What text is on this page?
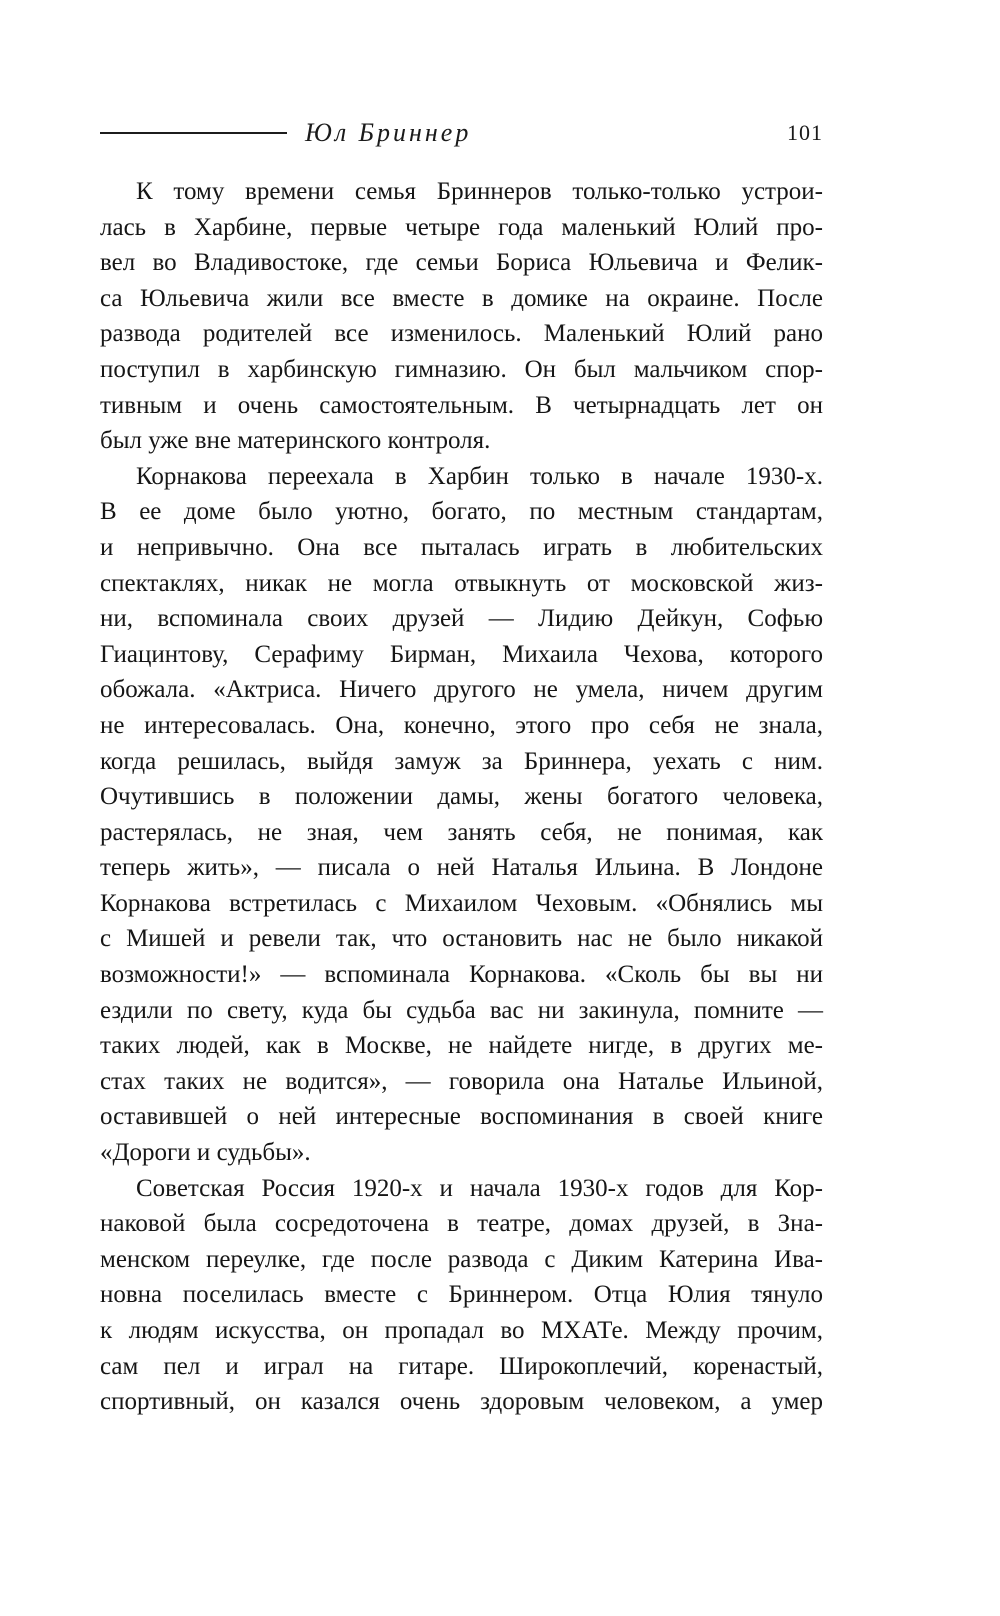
Юл Бриннер	101
К тому времени семья Бриннеров только-только устрои-
лась в Харбине, первые четыре года маленький Юлий про-
вел во Владивостоке, где семьи Бориса Юльевича и Фелик-
са Юльевича жили все вместе в домике на окраине. После
развода родителей все изменилось. Маленький Юлий рано
поступил в харбинскую гимназию. Он был мальчиком спор-
тивным и очень самостоятельным. В четырнадцать лет он
был уже вне материнского контроля.
Корнакова переехала в Харбин только в начале 1930-х.
В ее доме было уютно, богато, по местным стандартам,
и непривычно. Она все пыталась играть в любительских
спектаклях, никак не могла отвыкнуть от московской жиз-
ни, вспоминала своих друзей — Лидию Дейкун, Софью
Гиацинтову, Серафиму Бирман, Михаила Чехова, которого
обожала. «Актриса. Ничего другого не умела, ничем другим
не интересовалась. Она, конечно, этого про себя не знала,
когда решилась, выйдя замуж за Бриннера, уехать с ним.
Очутившись в положении дамы, жены богатого человека,
растерялась, не зная, чем занять себя, не понимая, как
теперь жить», — писала о ней Наталья Ильина. В Лондоне
Корнакова встретилась с Михаилом Чеховым. «Обнялись мы
с Мишей и ревели так, что остановить нас не было никакой
возможности!» — вспоминала Корнакова. «Сколь бы вы ни
ездили по свету, куда бы судьба вас ни закинула, помните —
таких людей, как в Москве, не найдете нигде, в других ме-
стах таких не водится», — говорила она Наталье Ильиной,
оставившей о ней интересные воспоминания в своей книге
«Дороги и судьбы».
Советская Россия 1920-х и начала 1930-х годов для Кор-
наковой была сосредоточена в театре, домах друзей, в Зна-
менском переулке, где после развода с Диким Катерина Ива-
новна поселилась вместе с Бриннером. Отца Юлия тянуло
к людям искусства, он пропадал во МХАТе. Между прочим,
сам пел и играл на гитаре. Широкоплечий, коренастый,
спортивный, он казался очень здоровым человеком, а умер
